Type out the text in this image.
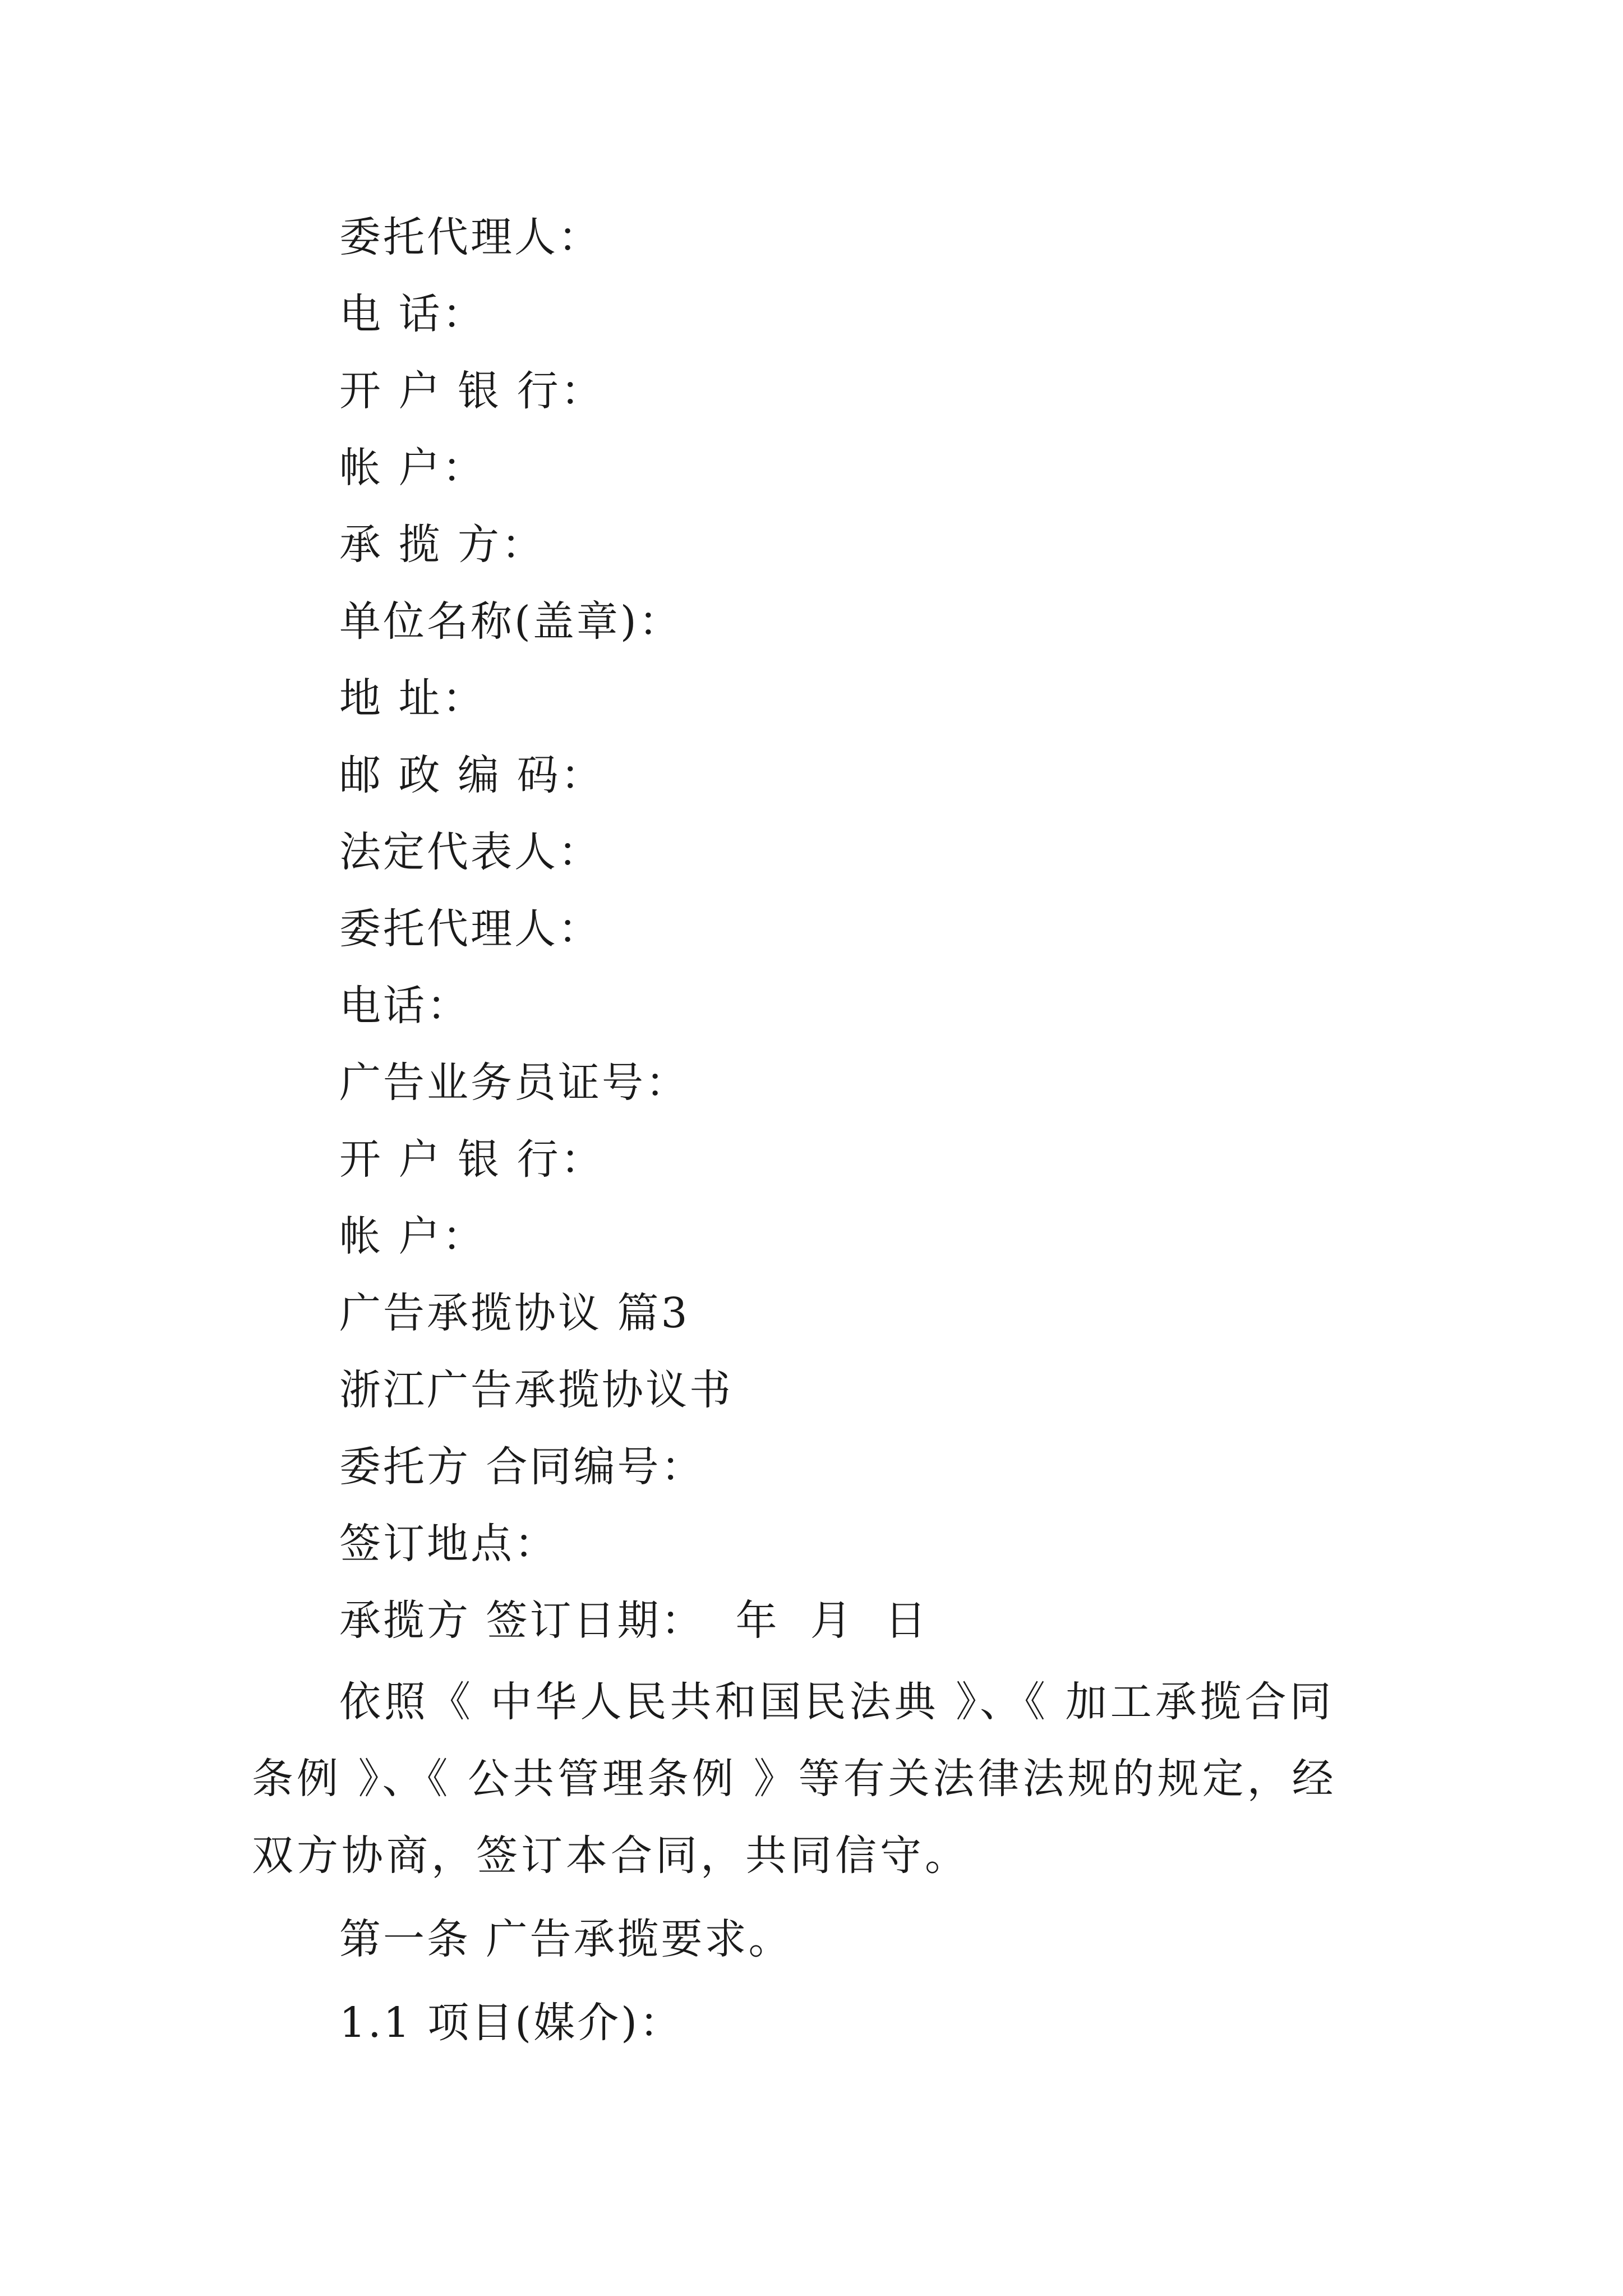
委托代理人：
电 话：
开 户 银 行：
帐 户：
承 揽 方：
单位名称(盖章)：
地 址：
邮 政 编 码：
法定代表人：
委托代理人：
电话：
广告业务员证号：
开 户 银 行：
帐 户：
广告承揽协议 篇3
浙江广告承揽协议书
委托方 合同编号：
签订地点：
承揽方 签订日期：  年  月  日

依照《 中华人民共和国民法典 》、《 加工承揽合同条例 》、《 公共管理条例 》等有关法律法规的规定，经双方协商，签订本合同，共同信守。

第一条 广告承揽要求。
1.1 项目(媒介)：
